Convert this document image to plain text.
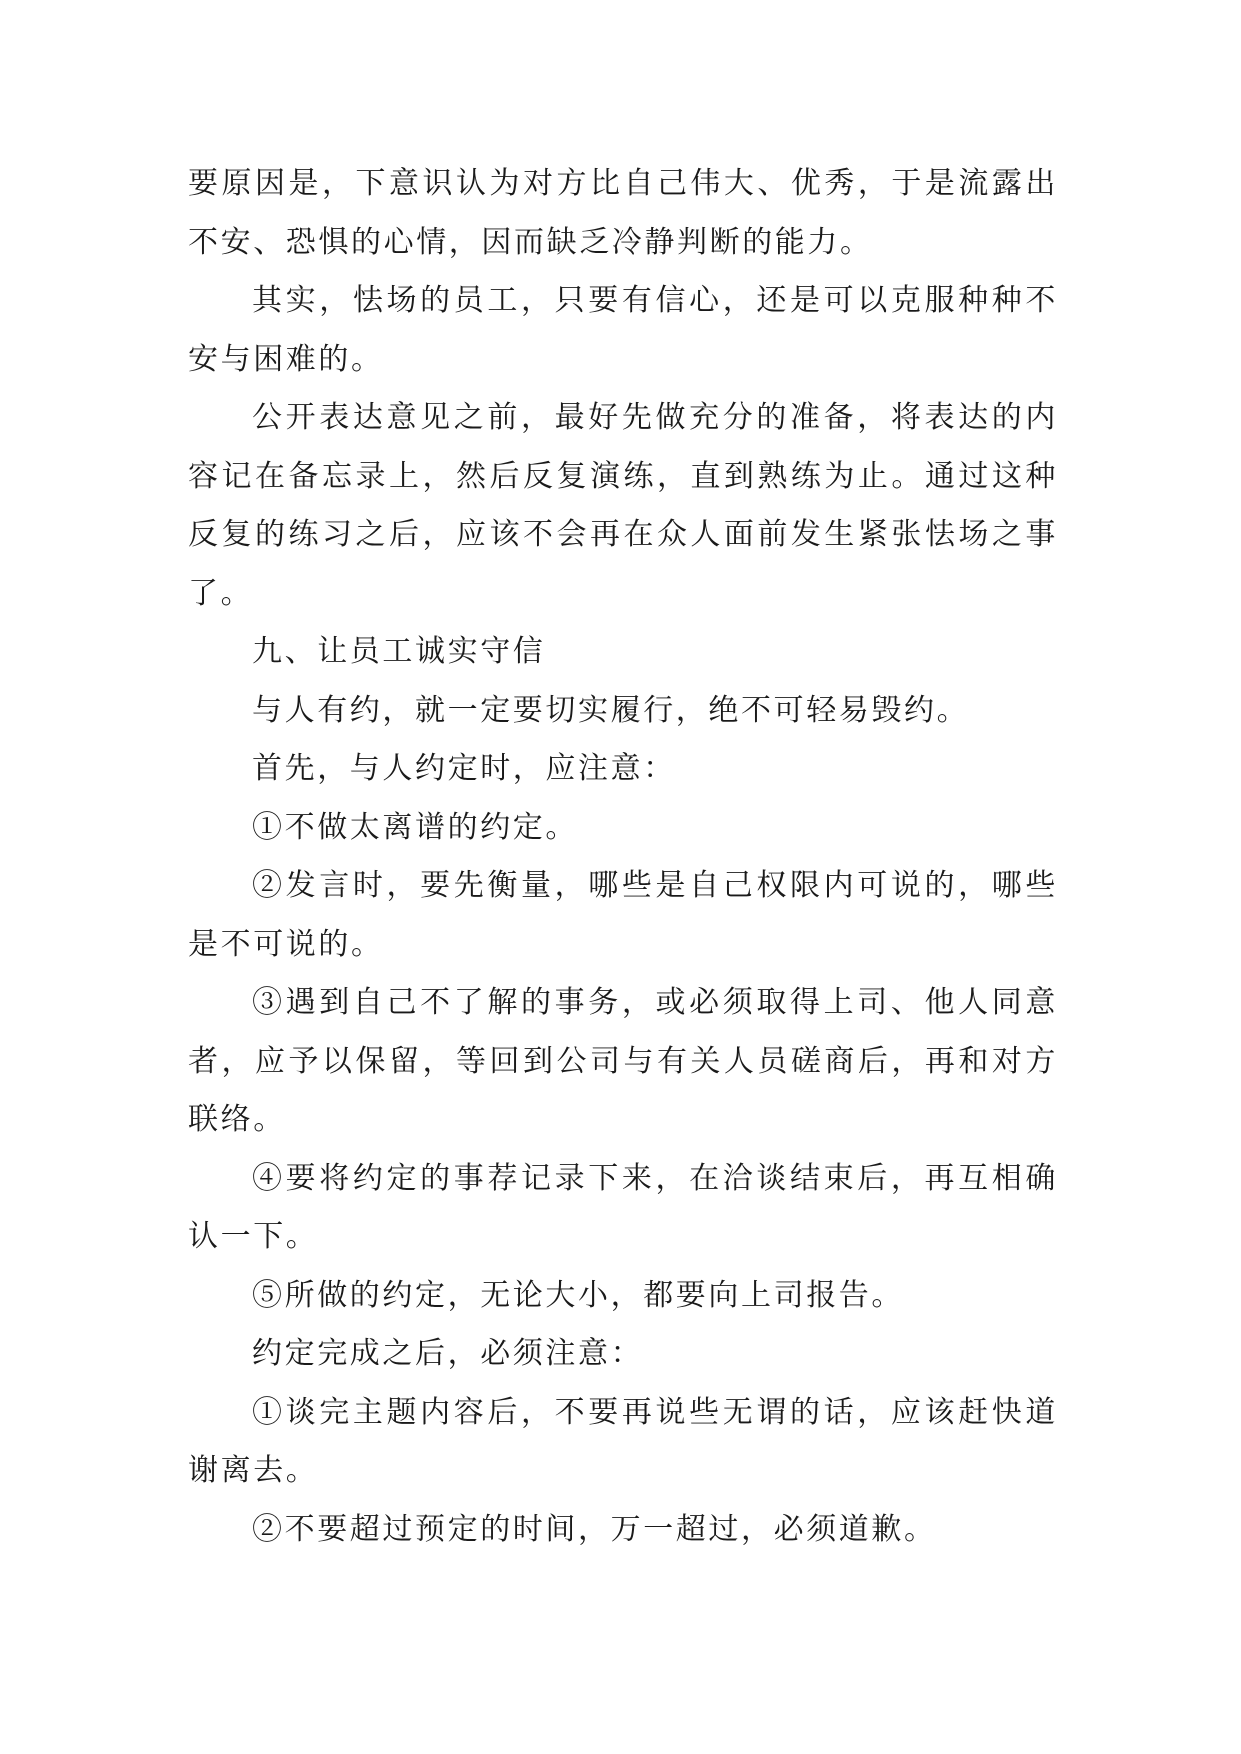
要原因是，下意识认为对方比自己伟大、优秀，于是流露出不安、恐惧的心情，因而缺乏冷静判断的能力。

其实，怯场的员工，只要有信心，还是可以克服种种不安与困难的。

公开表达意见之前，最好先做充分的准备，将表达的内容记在备忘录上，然后反复演练，直到熟练为止。通过这种反复的练习之后，应该不会再在众人面前发生紧张怯场之事了。

九、让员工诚实守信

与人有约，就一定要切实履行，绝不可轻易毁约。

首先，与人约定时，应注意：

①不做太离谱的约定。

②发言时，要先衡量，哪些是自己权限内可说的，哪些是不可说的。

③遇到自己不了解的事务，或必须取得上司、他人同意者，应予以保留，等回到公司与有关人员磋商后，再和对方联络。

④要将约定的事荐记录下来，在洽谈结束后，再互相确认一下。

⑤所做的约定，无论大小，都要向上司报告。

约定完成之后，必须注意：

①谈完主题内容后，不要再说些无谓的话，应该赶快道谢离去。

②不要超过预定的时间，万一超过，必须道歉。
